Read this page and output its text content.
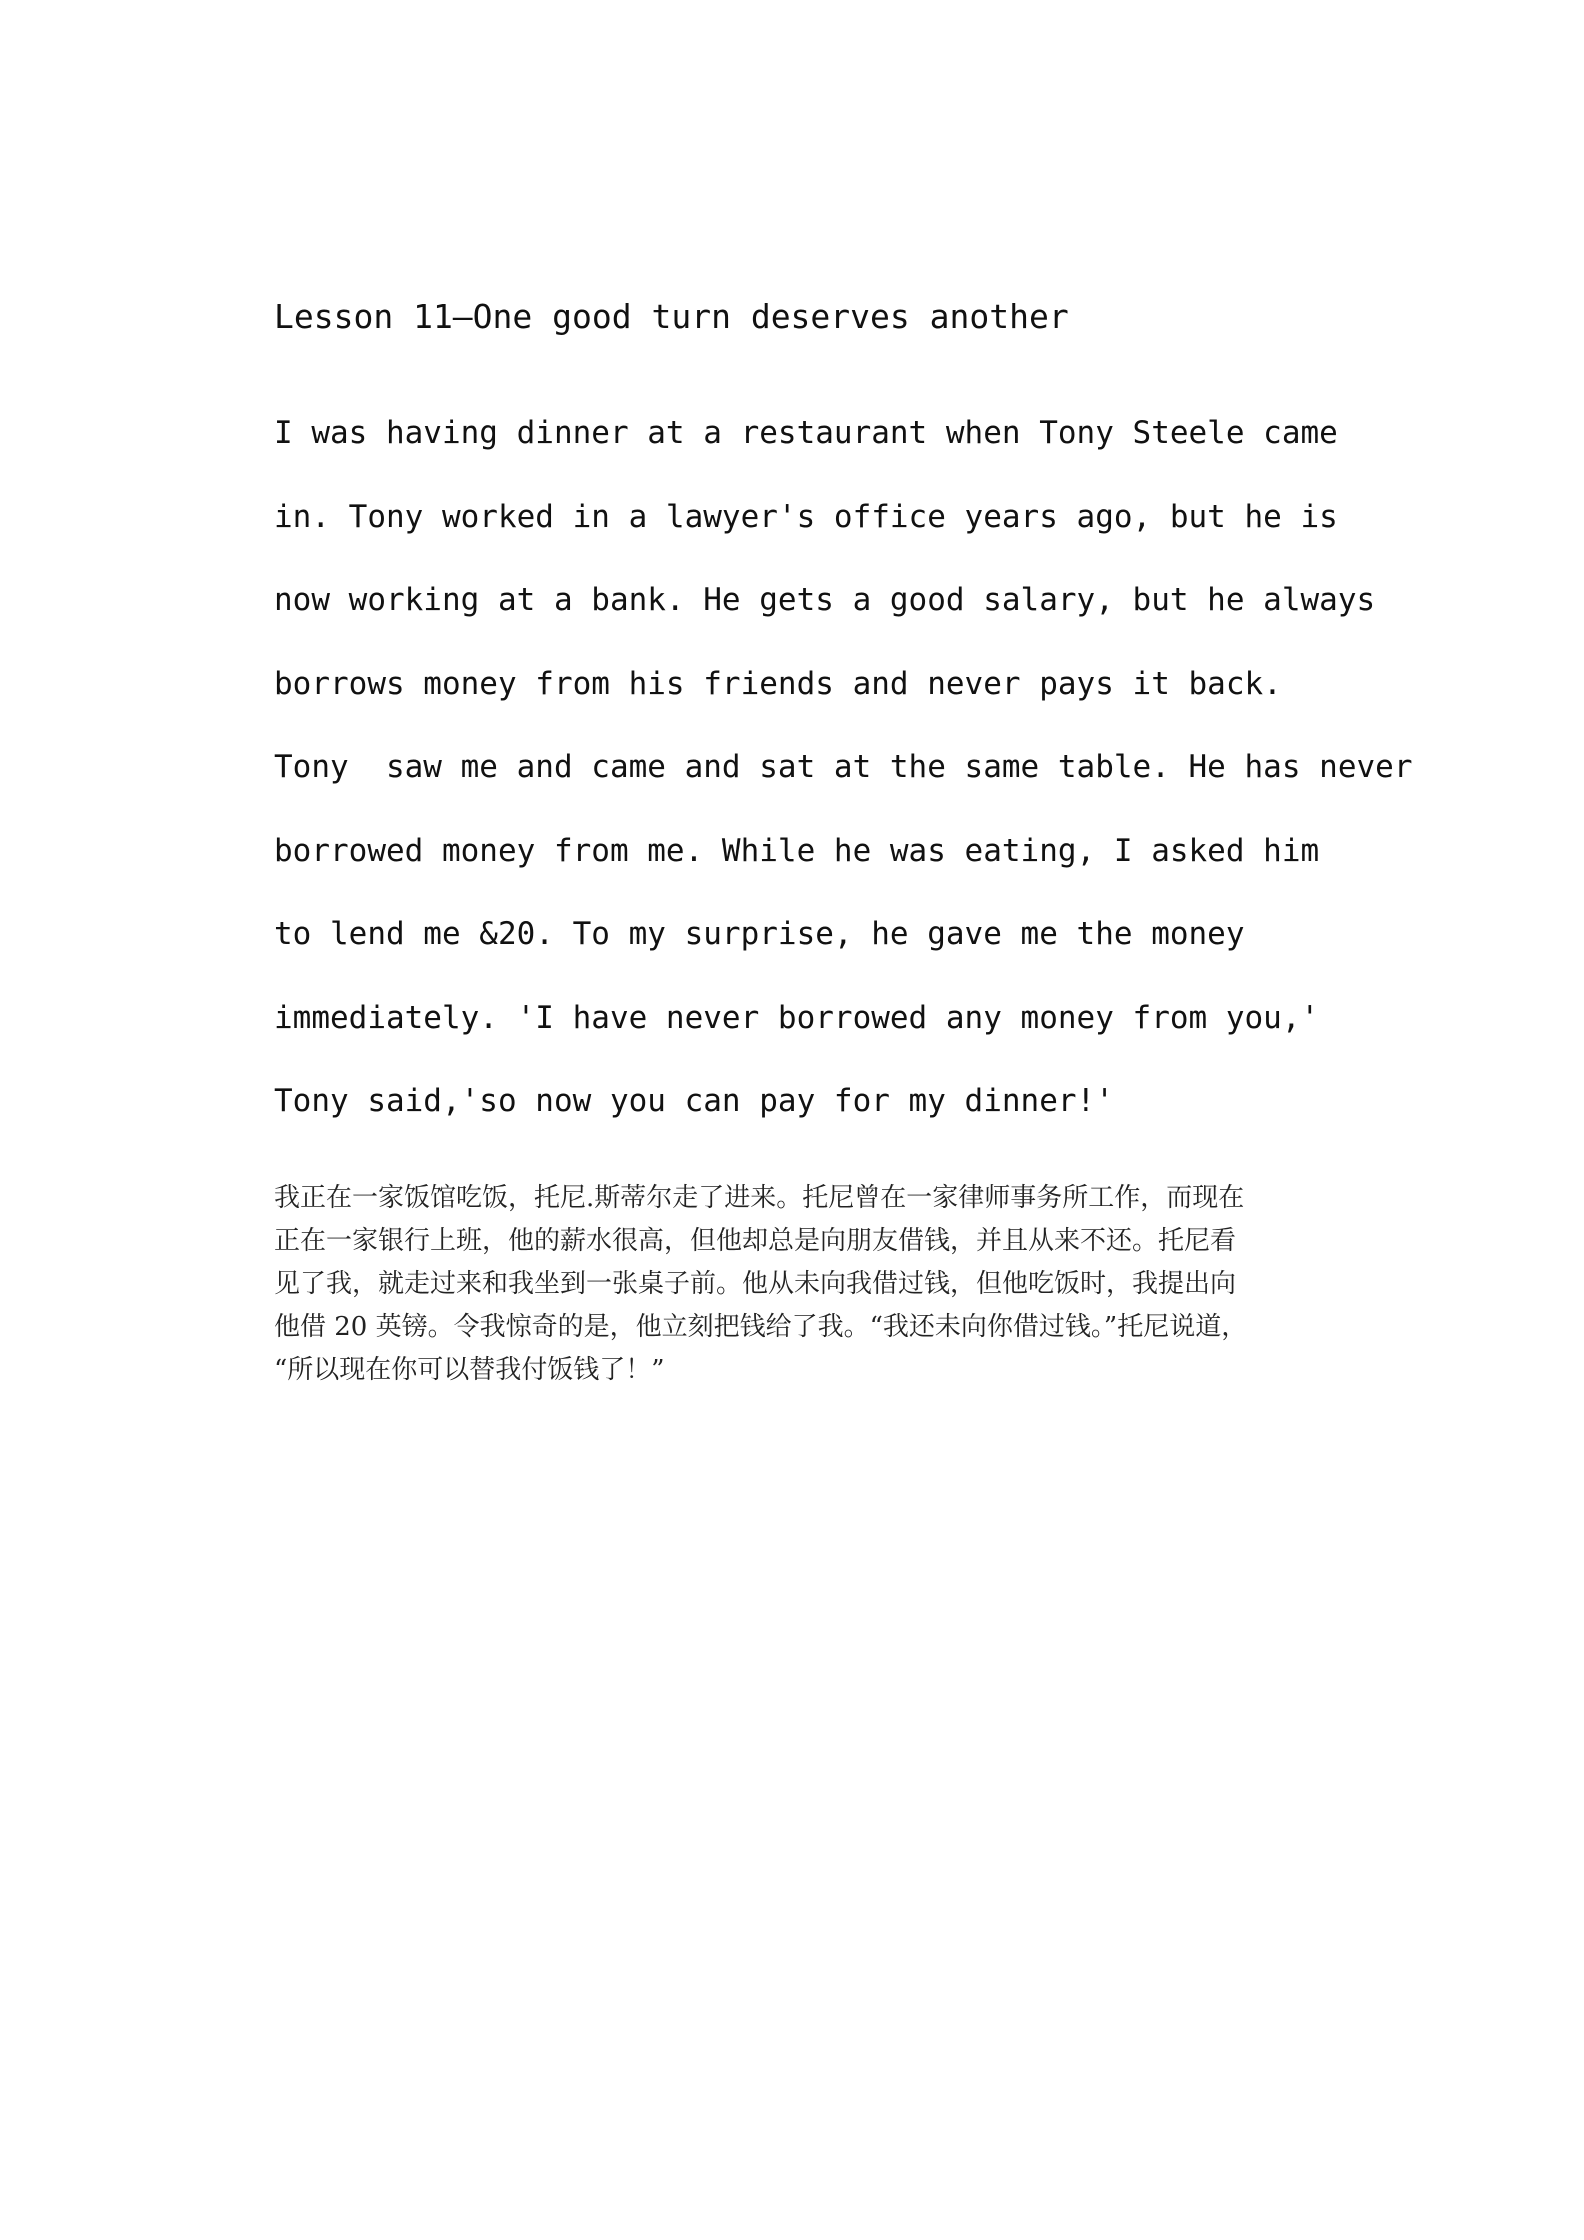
Lesson 11—One good turn deserves another
I was having dinner at a restaurant when Tony Steele came
in. Tony worked in a lawyer's office years ago, but he is
now working at a bank. He gets a good salary, but he always
borrows money from his friends and never pays it back.
Tony  saw me and came and sat at the same table. He has never
borrowed money from me. While he was eating, I asked him
to lend me &20. To my surprise, he gave me the money
immediately. 'I have never borrowed any money from you,'
Tony said,'so now you can pay for my dinner!'
我正在一家饭馆吃饭，托尼.斯蒂尔走了进来。托尼曾在一家律师事务所工作，而现在
正在一家银行上班，他的薪水很高，但他却总是向朋友借钱，并且从来不还。托尼看
见了我，就走过来和我坐到一张桌子前。他从未向我借过钱，但他吃饭时，我提出向
他借 20 英镑。令我惊奇的是，他立刻把钱给了我。“我还未向你借过钱。”托尼说道，
“所以现在你可以替我付饭钱了！”
